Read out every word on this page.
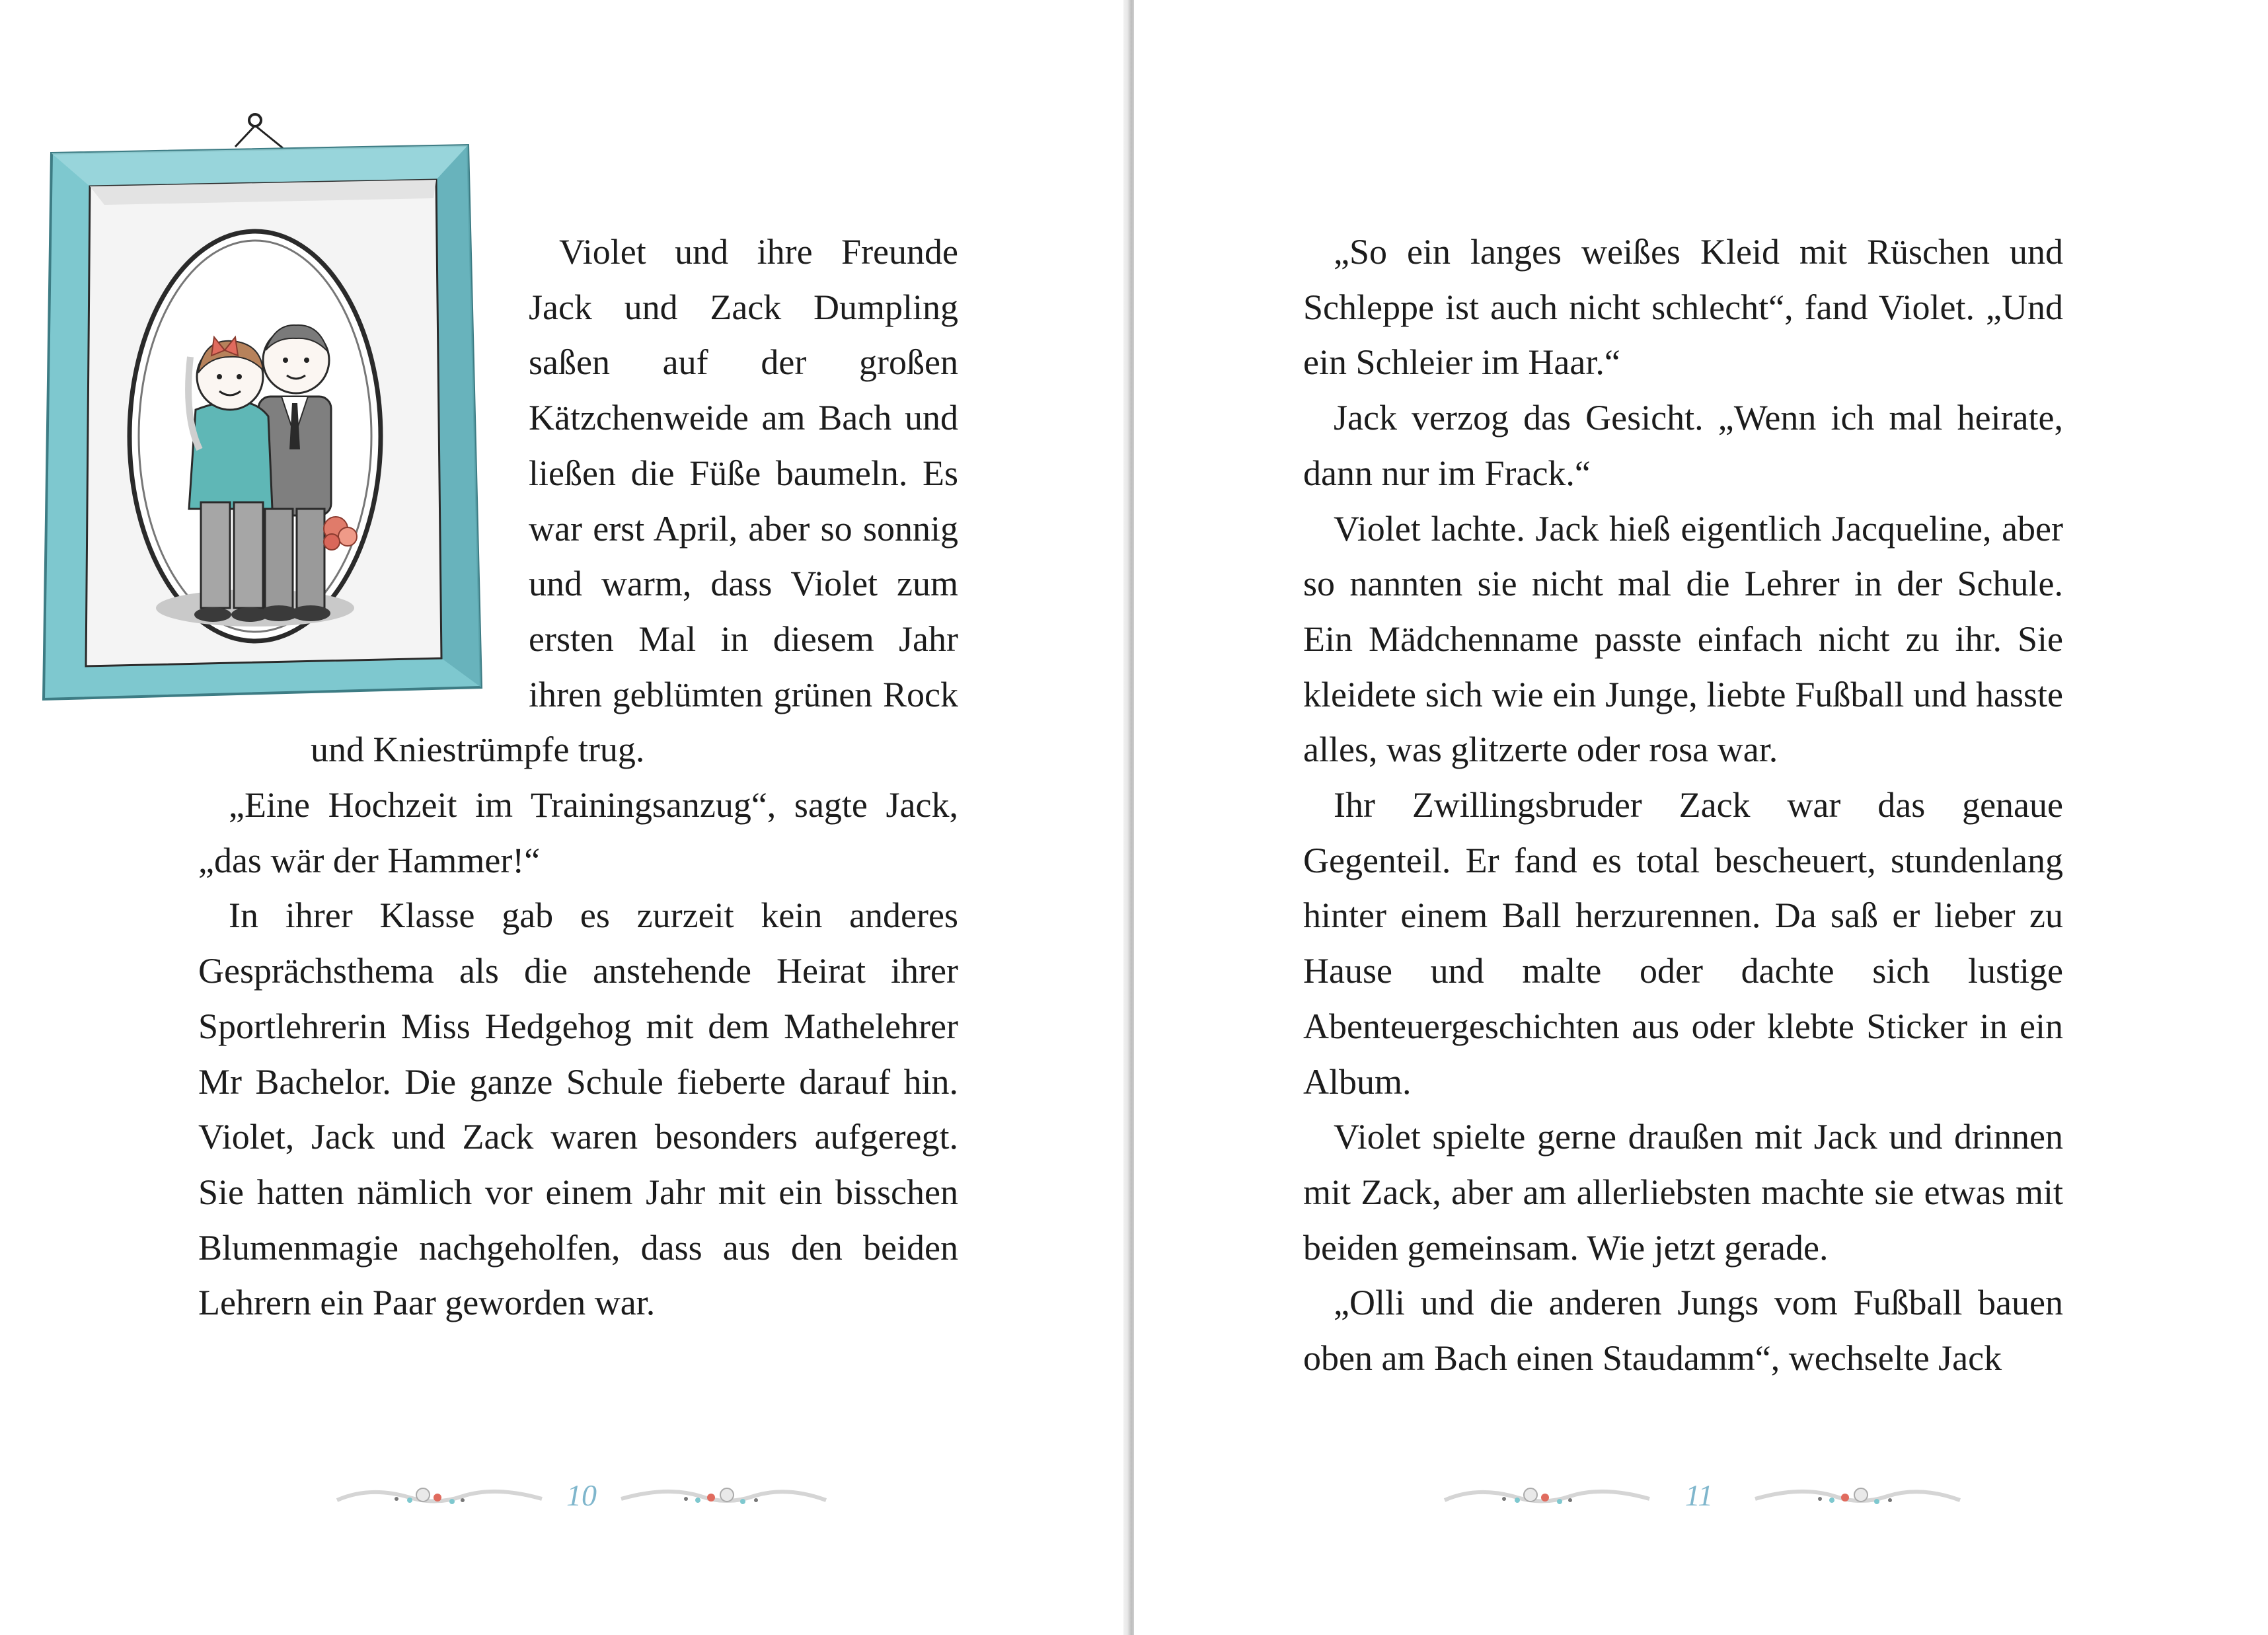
Violet und ihre Freunde Jack und Zack Dumpling saßen auf der großen Kätzchenweide am Bach und ließen die Füße baumeln. Es war erst April, aber so sonnig und warm, dass Violet zum ersten Mal in diesem Jahr ihren geblümten grünen Rock und Kniestrümpfe trug.

„Eine Hochzeit im Trainingsanzug“, sagte Jack, „das wär der Hammer!“

In ihrer Klasse gab es zurzeit kein anderes Gesprächsthema als die anstehende Heirat ihrer Sportlehrerin Miss Hedgehog mit dem Mathelehrer Mr Bachelor. Die ganze Schule fieberte darauf hin. Violet, Jack und Zack waren besonders aufgeregt. Sie hatten nämlich vor einem Jahr mit ein bisschen Blumenmagie nachgeholfen, dass aus den beiden Lehrern ein Paar geworden war.

10

„So ein langes weißes Kleid mit Rüschen und Schleppe ist auch nicht schlecht“, fand Violet. „Und ein Schleier im Haar.“

Jack verzog das Gesicht. „Wenn ich mal heirate, dann nur im Frack.“

Violet lachte. Jack hieß eigentlich Jacqueline, aber so nannten sie nicht mal die Lehrer in der Schule. Ein Mädchenname passte einfach nicht zu ihr. Sie kleidete sich wie ein Junge, liebte Fußball und hasste alles, was glitzerte oder rosa war.

Ihr Zwillingsbruder Zack war das genaue Gegenteil. Er fand es total bescheuert, stundenlang hinter einem Ball herzurennen. Da saß er lieber zu Hause und malte oder dachte sich lustige Abenteuergeschichten aus oder klebte Sticker in ein Album.

Violet spielte gerne draußen mit Jack und drinnen mit Zack, aber am allerliebsten machte sie etwas mit beiden gemeinsam. Wie jetzt gerade.

„Olli und die anderen Jungs vom Fußball bauen oben am Bach einen Staudamm“, wechselte Jack

11
